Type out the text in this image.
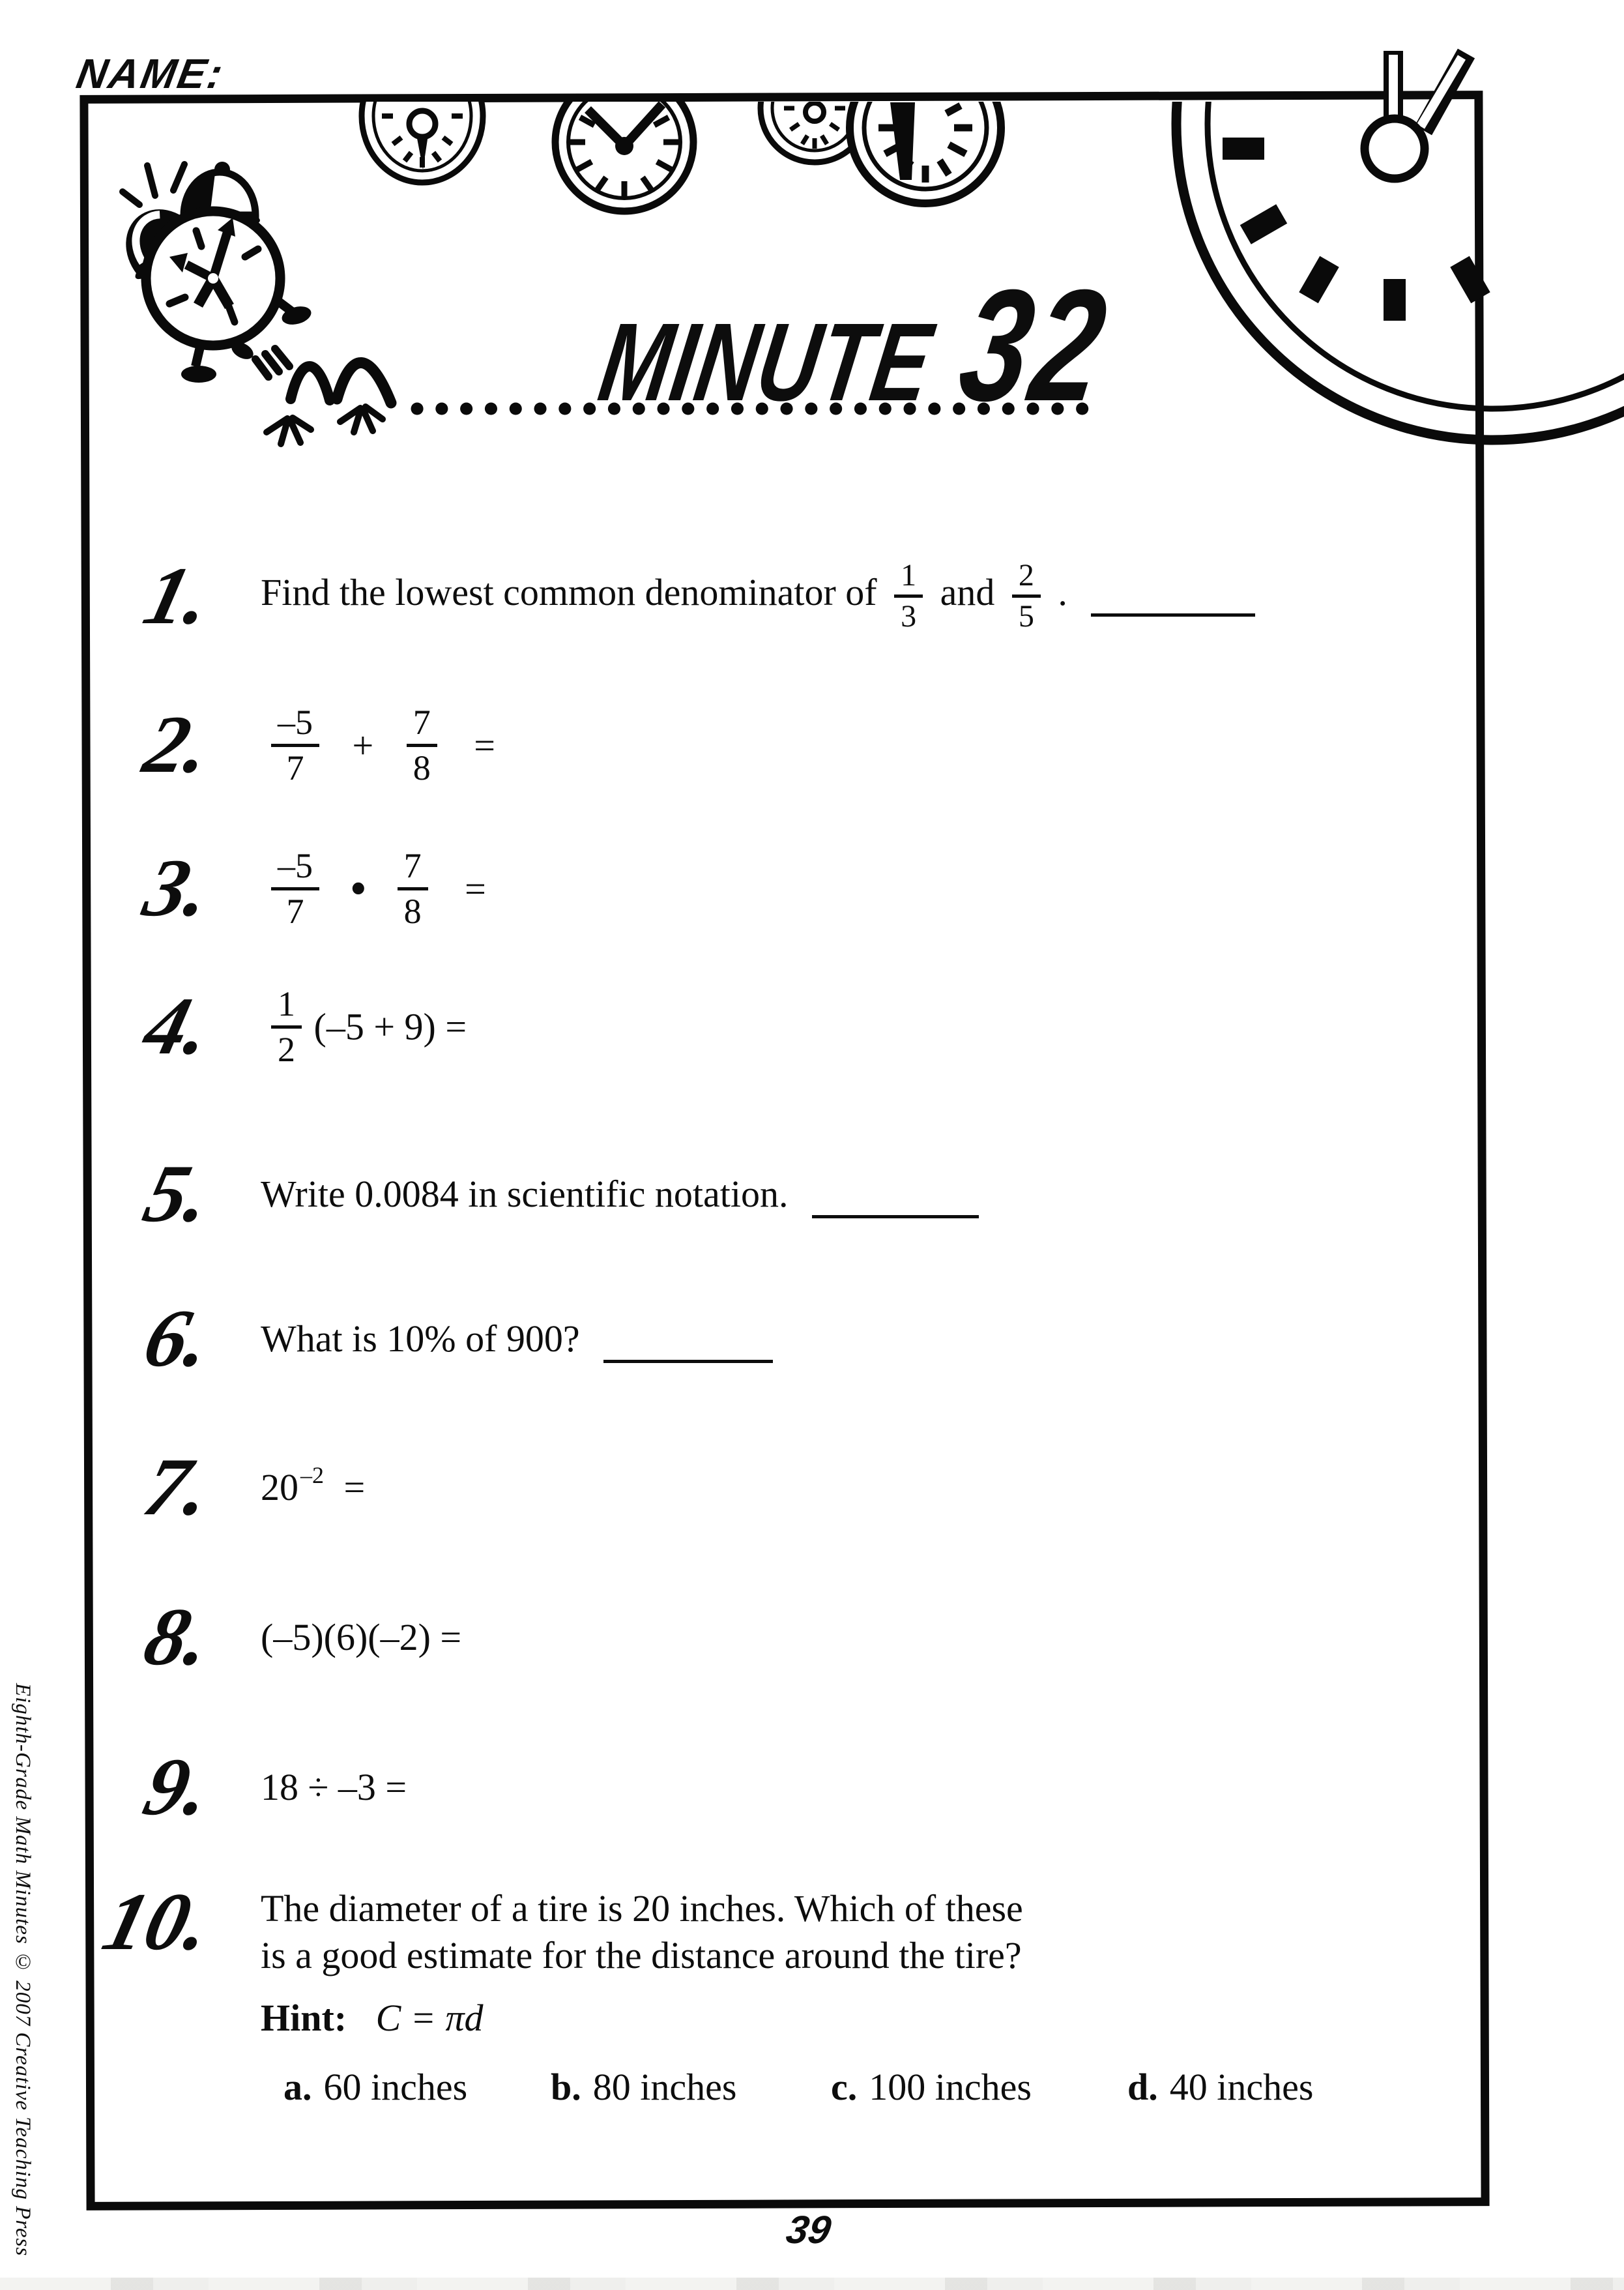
NAME:
MINUTE 32
1. Find the lowest common denominator of $\frac{1}{3}$ and $\frac{2}{5}$ .
2. $\frac{-5}{7} + \frac{7}{8}$ =
3. $\frac{-5}{7}$ • $\frac{7}{8}$ =
4. $\frac{1}{2} (-5 + 9)$ =
5. Write 0.0084 in scientific notation.
6. What is 10% of 900?
7. $20^{-2}$ =
8. (–5)(6)(–2) =
9. 18 ÷ –3 =
10. The diameter of a tire is 20 inches. Which of these

is a good estimate for the distance around the tire?

Hint: C = πd
a. 60 inches	b. 80 inches	c. 100 inches	d. 40 inches
Eighth-Grade Math Minutes © 2007 Creative Teaching Press	39
